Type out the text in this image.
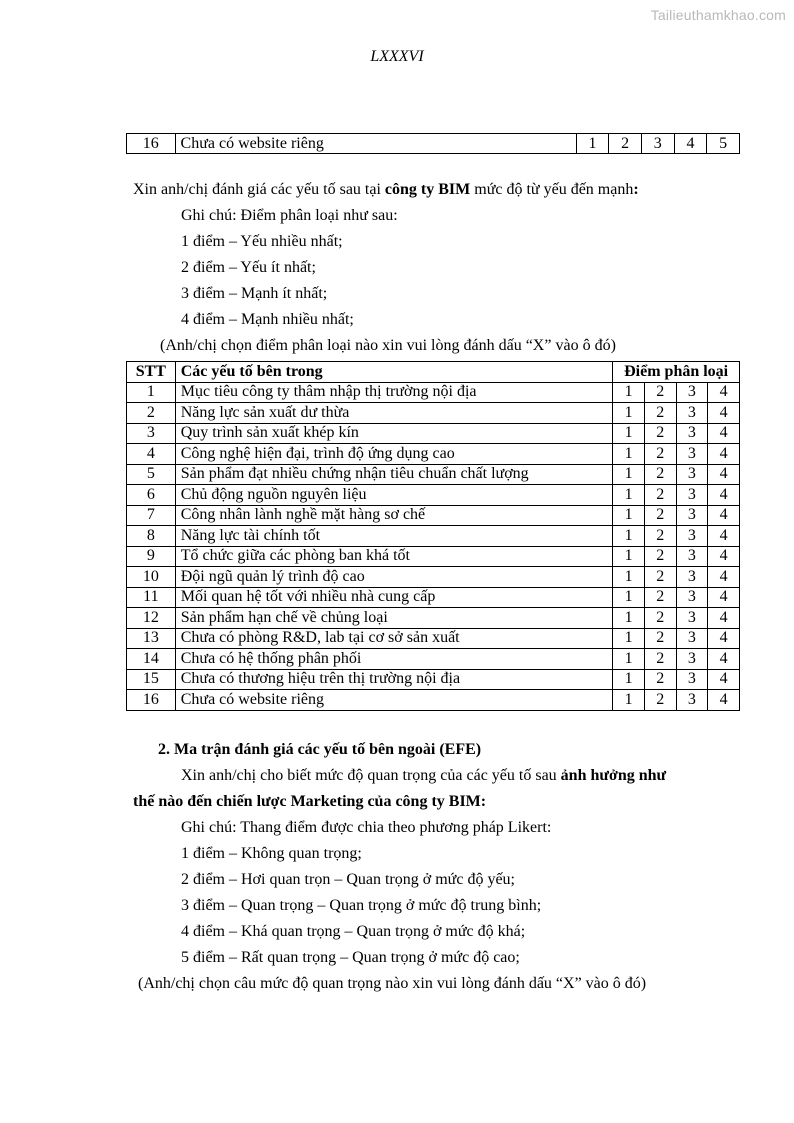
Tailieuthamkhao.com
LXXXVI
16	Chưa có website riêng	1	2	3	4	5
Xin anh/chị đánh giá các yếu tố sau tại công ty BIM mức độ từ yếu đến mạnh:
Ghi chú: Điểm phân loại như sau:
1 điểm – Yếu nhiều nhất;
2 điểm – Yếu ít nhất;
3 điểm – Mạnh ít nhất;
4 điểm – Mạnh nhiều nhất;
(Anh/chị chọn điểm phân loại nào xin vui lòng đánh dấu “X” vào ô đó)
STT	Các yếu tố bên trong	Điểm phân loại			
1	Mục tiêu công ty thâm nhập thị trường nội địa	1	2	3	4
2	Năng lực sản xuất dư thừa	1	2	3	4
3	Quy trình sản xuất khép kín	1	2	3	4
4	Công nghệ hiện đại, trình độ ứng dụng cao	1	2	3	4
5	Sản phẩm đạt nhiều chứng nhận tiêu chuẩn chất lượng	1	2	3	4
6	Chủ động nguồn nguyên liệu	1	2	3	4
7	Công nhân lành nghề mặt hàng sơ chế	1	2	3	4
8	Năng lực tài chính tốt	1	2	3	4
9	Tổ chức giữa các phòng ban khá tốt	1	2	3	4
10	Đội ngũ quản lý trình độ cao	1	2	3	4
11	Mối quan hệ tốt với nhiều nhà cung cấp	1	2	3	4
12	Sản phẩm hạn chế về chủng loại	1	2	3	4
13	Chưa có phòng R&D, lab tại cơ sở sản xuất	1	2	3	4
14	Chưa có hệ thống phân phối	1	2	3	4
15	Chưa có thương hiệu trên thị trường nội địa	1	2	3	4
16	Chưa có website riêng	1	2	3	4
2. Ma trận đánh giá các yếu tố bên ngoài (EFE)
Xin anh/chị cho biết mức độ quan trọng của các yếu tố sau ảnh hưởng như
thế nào đến chiến lược Marketing của công ty BIM:
Ghi chú: Thang điểm được chia theo phương pháp Likert:
1 điểm – Không quan trọng;
2 điểm – Hơi quan trọn – Quan trọng ở mức độ yếu;
3 điểm – Quan trọng – Quan trọng ở mức độ trung bình;
4 điểm – Khá quan trọng – Quan trọng ở mức độ khá;
5 điểm – Rất quan trọng – Quan trọng ở mức độ cao;
(Anh/chị chọn câu mức độ quan trọng nào xin vui lòng đánh dấu “X” vào ô đó)
